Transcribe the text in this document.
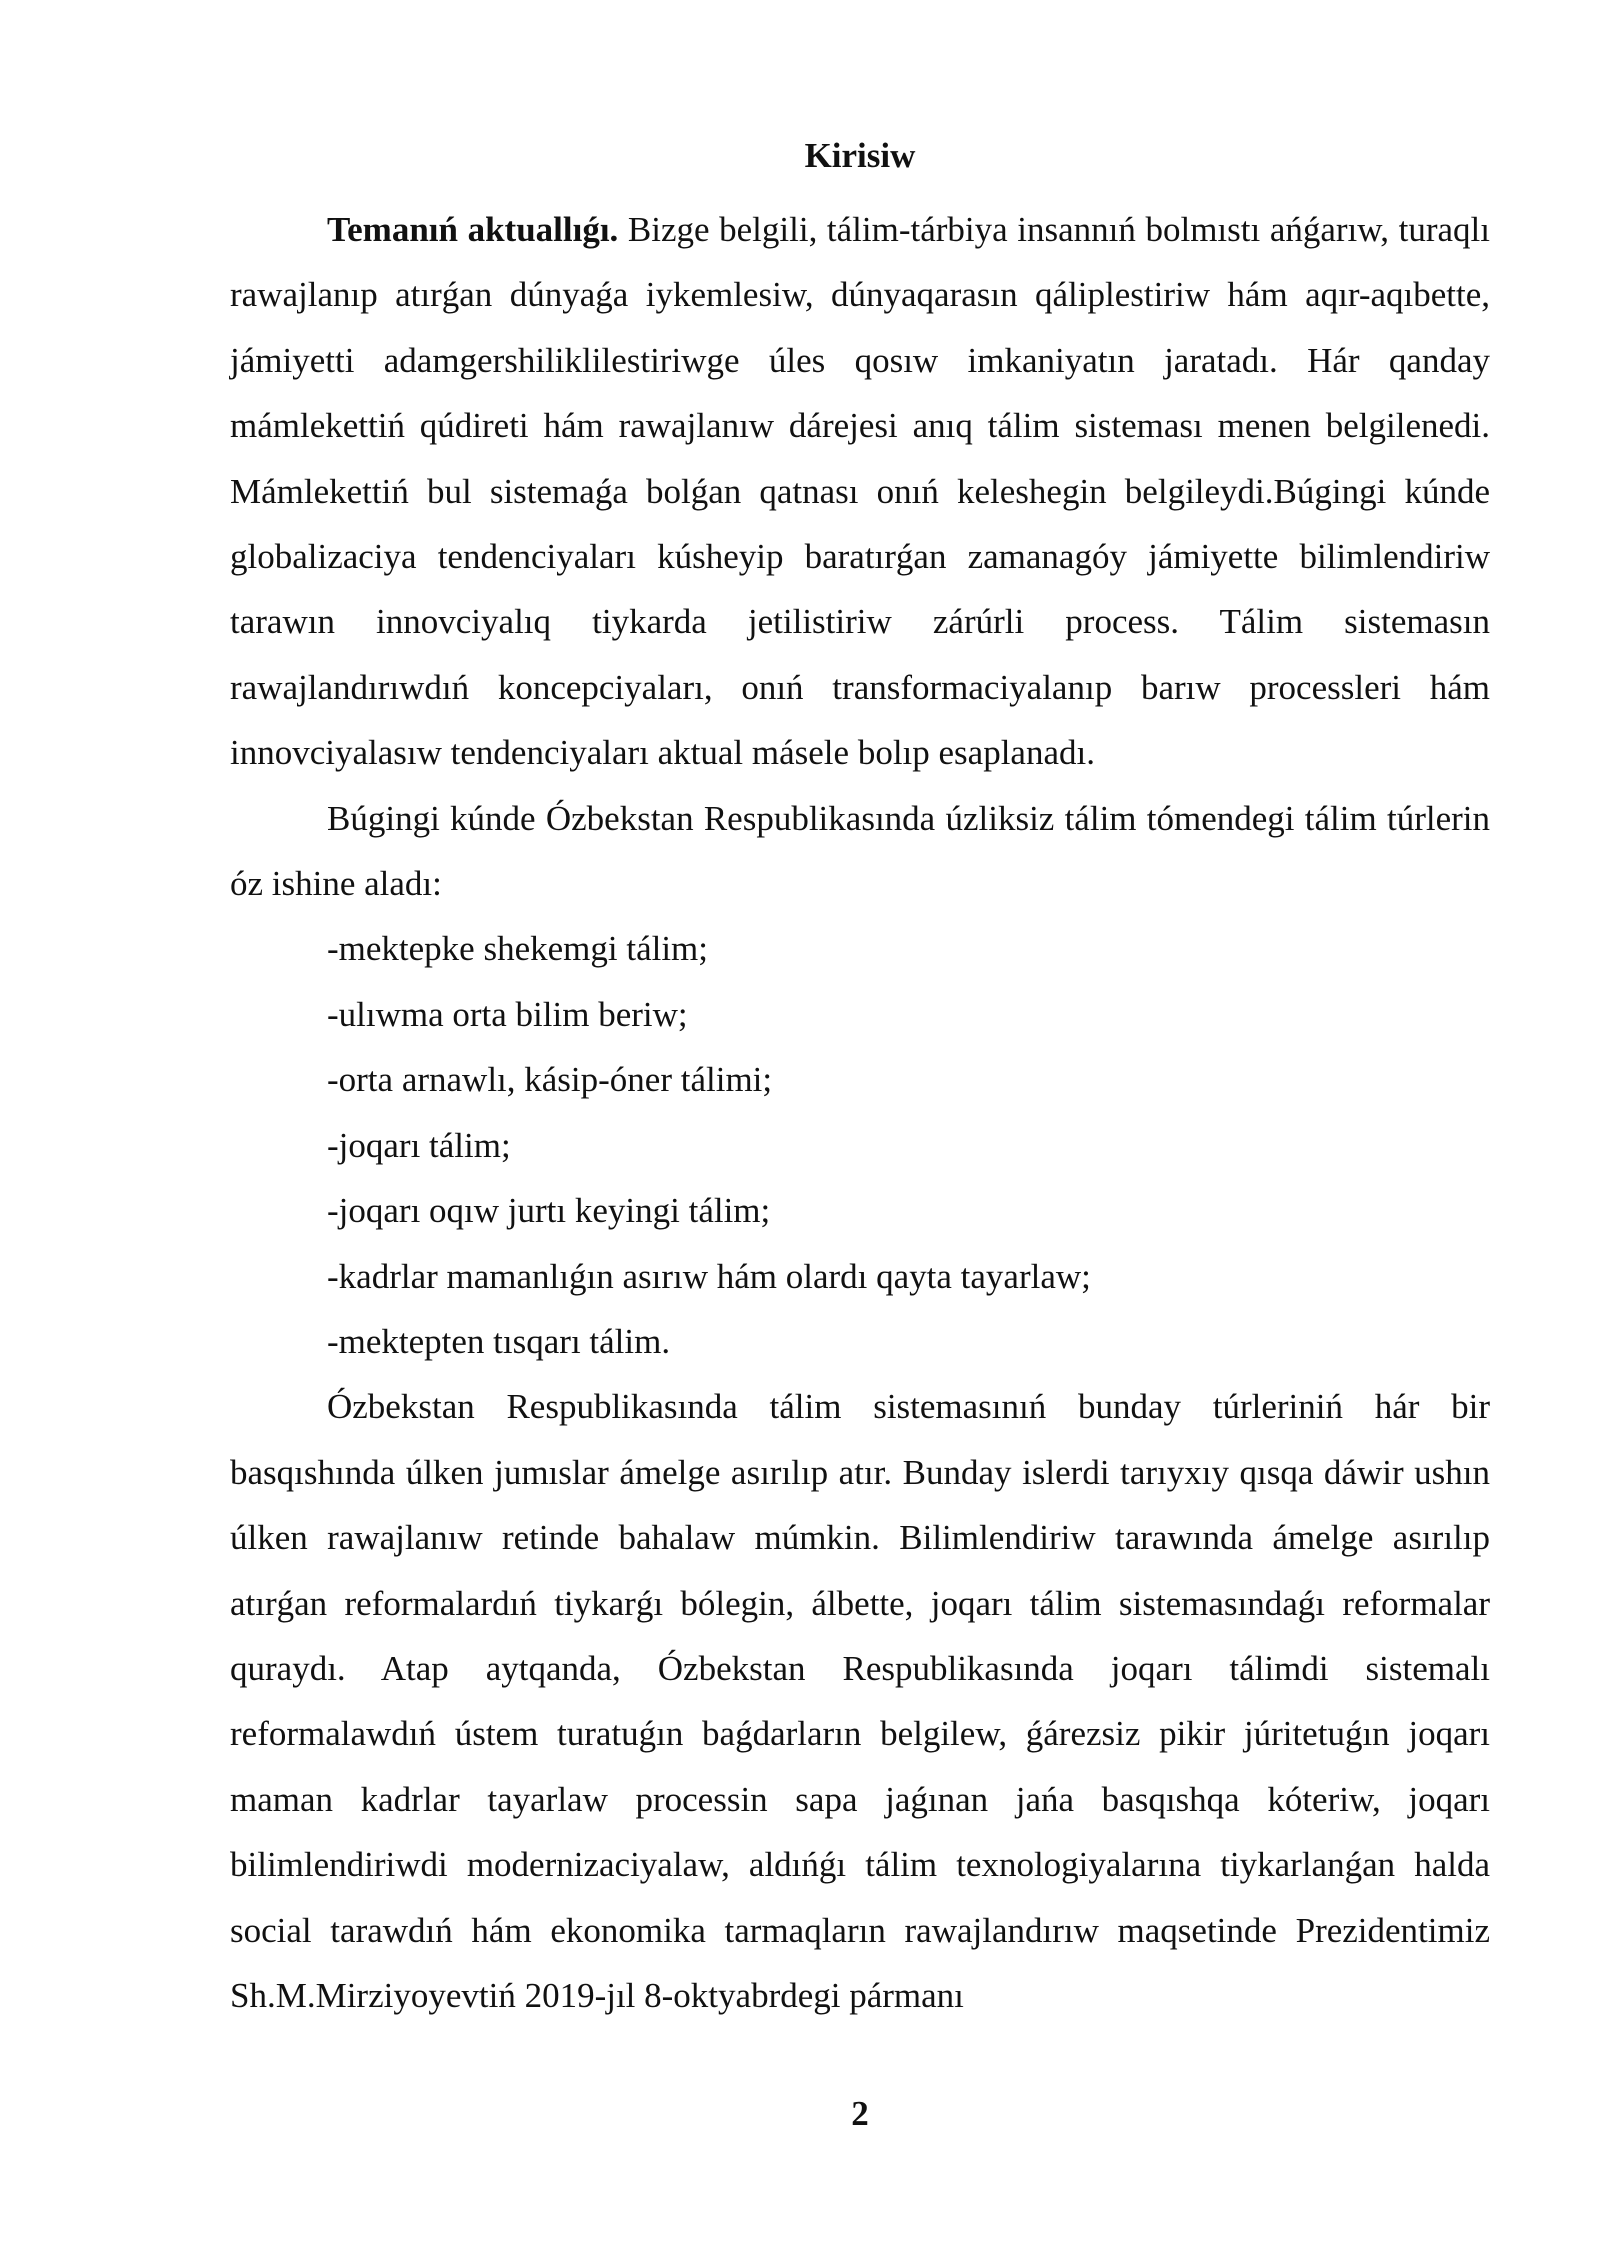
Kirisiw

Temanıń aktuallıǵı. Bizge belgili, tálim-tárbiya insannıń bolmıstı ańǵarıw, turaqlı rawajlanıp atırǵan dúnyaǵa iykemlesiw, dúnyaqarasın qáliplestiriw hám aqır-aqıbette, jámiyetti adamgershiliklilestiriwge úles qosıw imkaniyatın jaratadı. Hár qanday mámlekettiń qúdireti hám rawajlanıw dárejesi anıq tálim sisteması menen belgilenedi. Mámlekettiń bul sistemaǵa bolǵan qatnası onıń keleshegin belgileydi.Búgingi kúnde globalizaciya tendenciyaları kúsheyip baratırǵan zamanagóy jámiyette bilimlendiriw tarawın innovciyalıq tiykarda jetilistiriw zárúrli process. Tálim sistemasın rawajlandırıwdıń koncepciyaları, onıń transformaciyalanıp barıw processleri hám innovciyalasıw tendenciyaları aktual másele bolıp esaplanadı.

Búgingi kúnde Ózbekstan Respublikasında úzliksiz tálim tómendegi tálim túrlerin óz ishine aladı:

-mektepke shekemgi tálim;
-ulıwma orta bilim beriw;
-orta arnawlı, kásip-óner tálimi;
-joqarı tálim;
-joqarı oqıw jurtı keyingi tálim;
-kadrlar mamanlıǵın asırıw hám olardı qayta tayarlaw;
-mektepten tısqarı tálim.

Ózbekstan Respublikasında tálim sistemasınıń bunday túrleriniń hár bir basqıshında úlken jumıslar ámelge asırılıp atır. Bunday islerdi tarıyxıy qısqa dáwir ushın úlken rawajlanıw retinde bahalaw múmkin. Bilimlendiriw tarawında ámelge asırılıp atırǵan reformalardıń tiykarǵı bólegin, álbette, joqarı tálim sistemasındaǵı reformalar quraydı. Atap aytqanda, Ózbekstan Respublikasında joqarı tálimdi sistemalı reformalawdıń ústem turatuǵın baǵdarların belgilew, ǵárezsiz pikir júritetuǵın joqarı maman kadrlar tayarlaw processin sapa jaǵınan jańa basqıshqa kóteriw, joqarı bilimlendiriwdi modernizaciyalaw, aldıńǵı tálim texnologiyalarına tiykarlanǵan halda social tarawdıń hám ekonomika tarmaqların rawajlandırıw maqsetinde Prezidentimiz Sh.M.Mirziyoyevtiń 2019-jıl 8-oktyabrdegi pármanı

2
